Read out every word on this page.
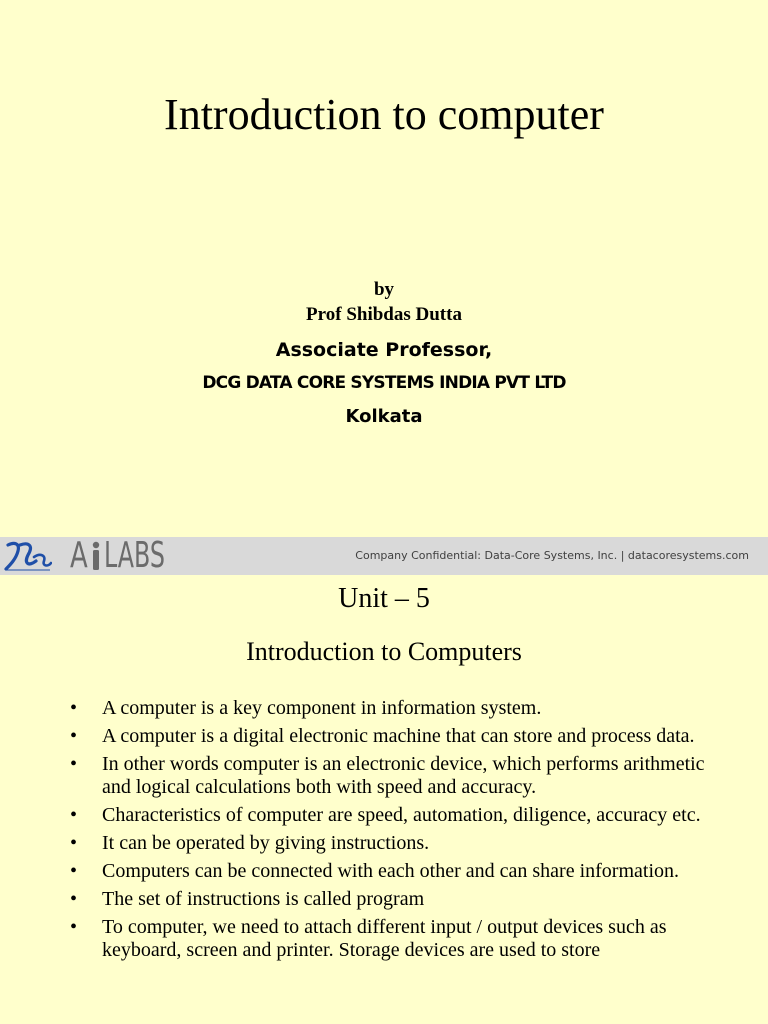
Introduction to computer
by
Prof Shibdas Dutta
Associate Professor,
DCG DATA CORE SYSTEMS INDIA PVT LTD
Kolkata
A LABS	Company Confidential: Data-Core Systems, Inc. | datacoresystems.com
Unit – 5
Introduction to Computers
• A computer is a key component in information system.
• A computer is a digital electronic machine that can store and process data.
• In other words computer is an electronic device, which performs arithmetic and logical calculations both with speed and accuracy.
• Characteristics of computer are speed, automation, diligence, accuracy etc.
• It can be operated by giving instructions.
• Computers can be connected with each other and can share information.
• The set of instructions is called program
• To computer, we need to attach different input / output devices such as keyboard, screen and printer. Storage devices are used to store
